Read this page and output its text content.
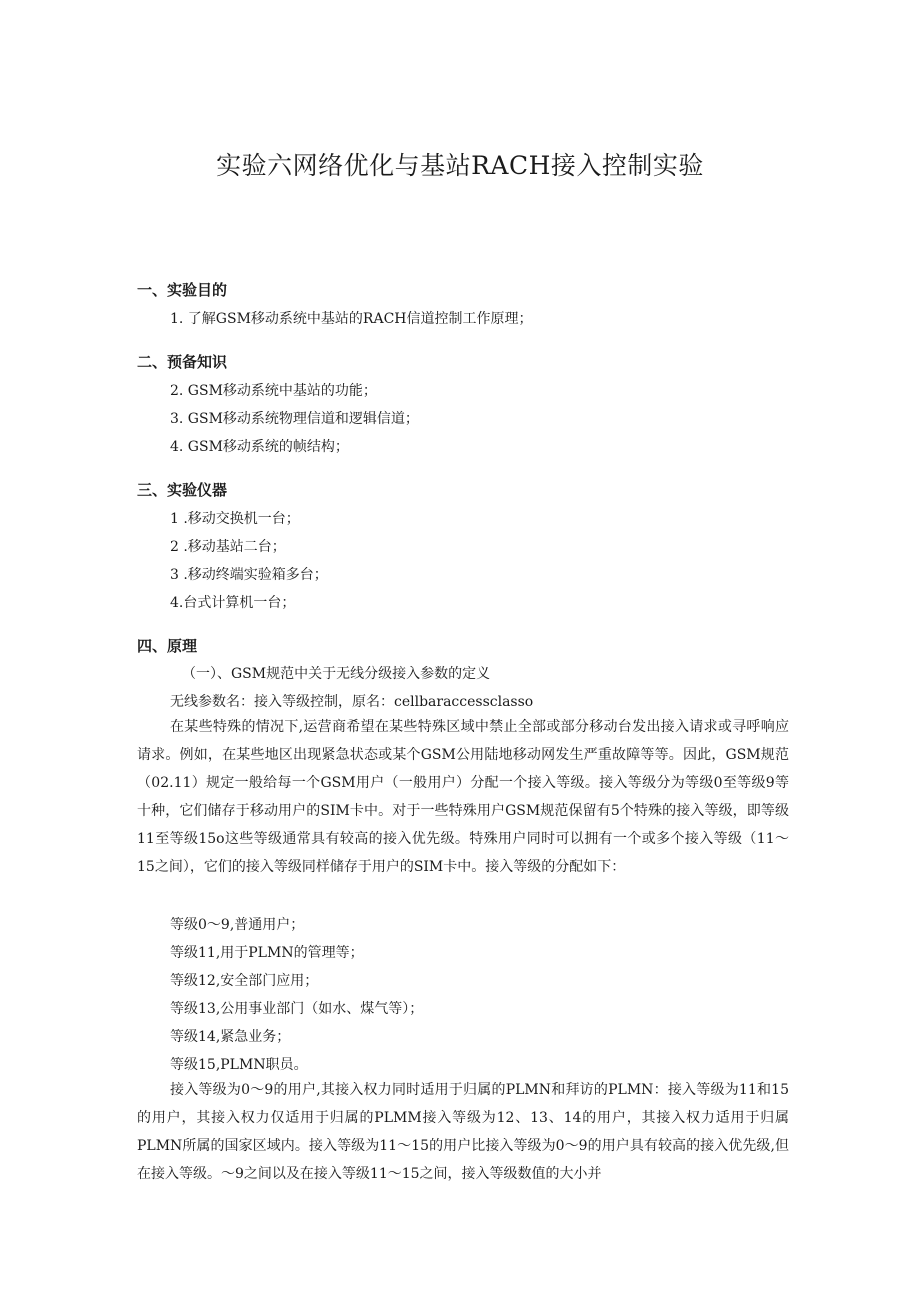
实验六网络优化与基站RACH接入控制实验
一、实验目的
1. 了解GSM移动系统中基站的RACH信道控制工作原理；
二、预备知识
2. GSM移动系统中基站的功能；
3. GSM移动系统物理信道和逻辑信道；
4. GSM移动系统的帧结构；
三、实验仪器
1 .移动交换机一台；
2 .移动基站二台；
3 .移动终端实验箱多台；
4.台式计算机一台；
四、原理
（一）、GSM规范中关于无线分级接入参数的定义
无线参数名：接入等级控制，原名：cellbaraccessclasso
在某些特殊的情况下,运营商希望在某些特殊区域中禁止全部或部分移动台发出接入请求或寻呼响应请求。例如，在某些地区出现紧急状态或某个GSM公用陆地移动网发生严重故障等等。因此，GSM规范（02.11）规定一般给每一个GSM用户（一般用户）分配一个接入等级。接入等级分为等级0至等级9等十种，它们储存于移动用户的SIM卡中。对于一些特殊用户GSM规范保留有5个特殊的接入等级，即等级11至等级15o这些等级通常具有较高的接入优先级。特殊用户同时可以拥有一个或多个接入等级（11～15之间），它们的接入等级同样储存于用户的SIM卡中。接入等级的分配如下：
等级0～9,普通用户；
等级11,用于PLMN的管理等；
等级12,安全部门应用；
等级13,公用事业部门（如水、煤气等）；
等级14,紧急业务；
等级15,PLMN职员。
接入等级为0～9的用户,其接入权力同时适用于归属的PLMN和拜访的PLMN：接入等级为11和15的用户，其接入权力仅适用于归属的PLMM接入等级为12、13、14的用户，其接入权力适用于归属PLMN所属的国家区域内。接入等级为11～15的用户比接入等级为0～9的用户具有较高的接入优先级,但在接入等级。～9之间以及在接入等级11～15之间，接入等级数值的大小并
